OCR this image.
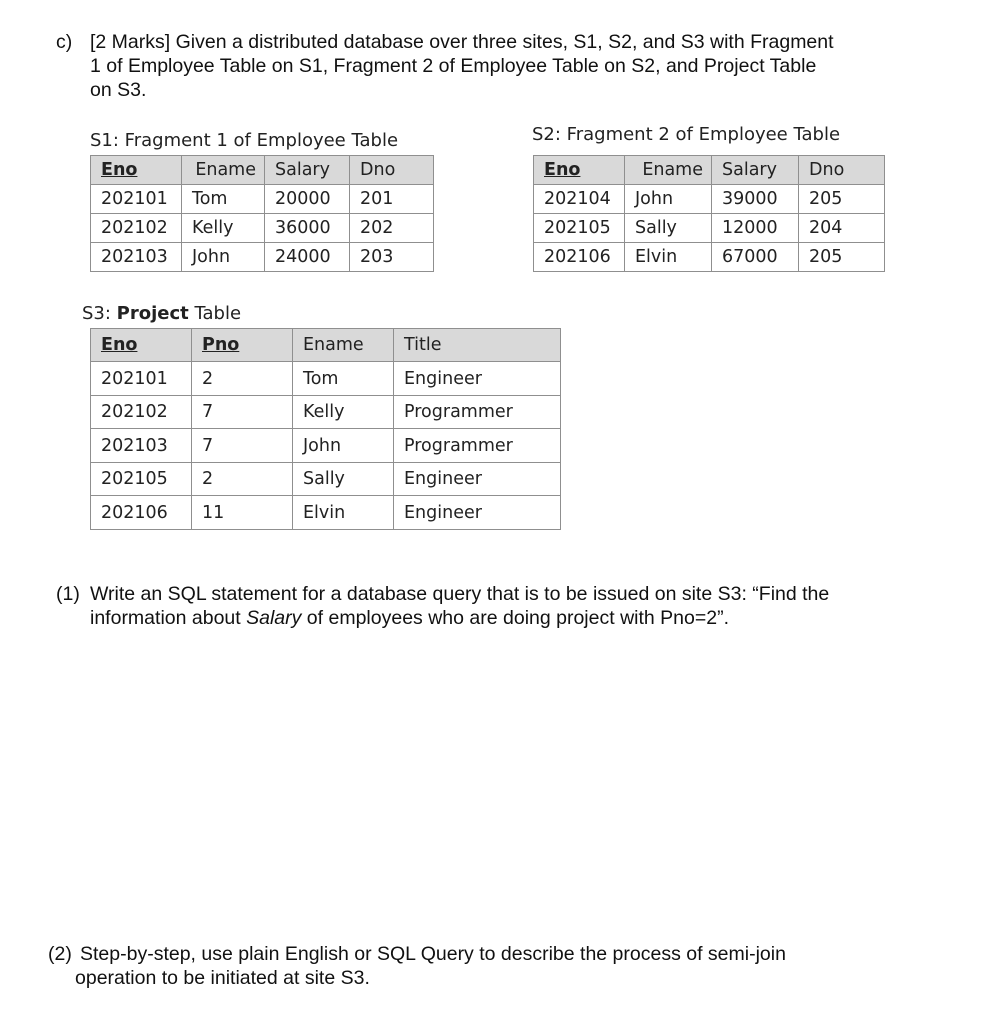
c) [2 Marks] Given a distributed database over three sites, S1, S2, and S3 with Fragment
1 of Employee Table on S1, Fragment 2 of Employee Table on S2, and Project Table
on S3.
S1: Fragment 1 of Employee Table
Eno	Ename	Salary	Dno
202101	Tom	20000	201
202102	Kelly	36000	202
202103	John	24000	203
S2: Fragment 2 of Employee Table
Eno	Ename	Salary	Dno
202104	John	39000	205
202105	Sally	12000	204
202106	Elvin	67000	205
S3: Project Table
Eno	Pno	Ename	Title
202101	2	Tom	Engineer
202102	7	Kelly	Programmer
202103	7	John	Programmer
202105	2	Sally	Engineer
202106	11	Elvin	Engineer
(1) Write an SQL statement for a database query that is to be issued on site S3: “Find the
information about Salary of employees who are doing project with Pno=2”.
(2) Step-by-step, use plain English or SQL Query to describe the process of semi-join
operation to be initiated at site S3.
